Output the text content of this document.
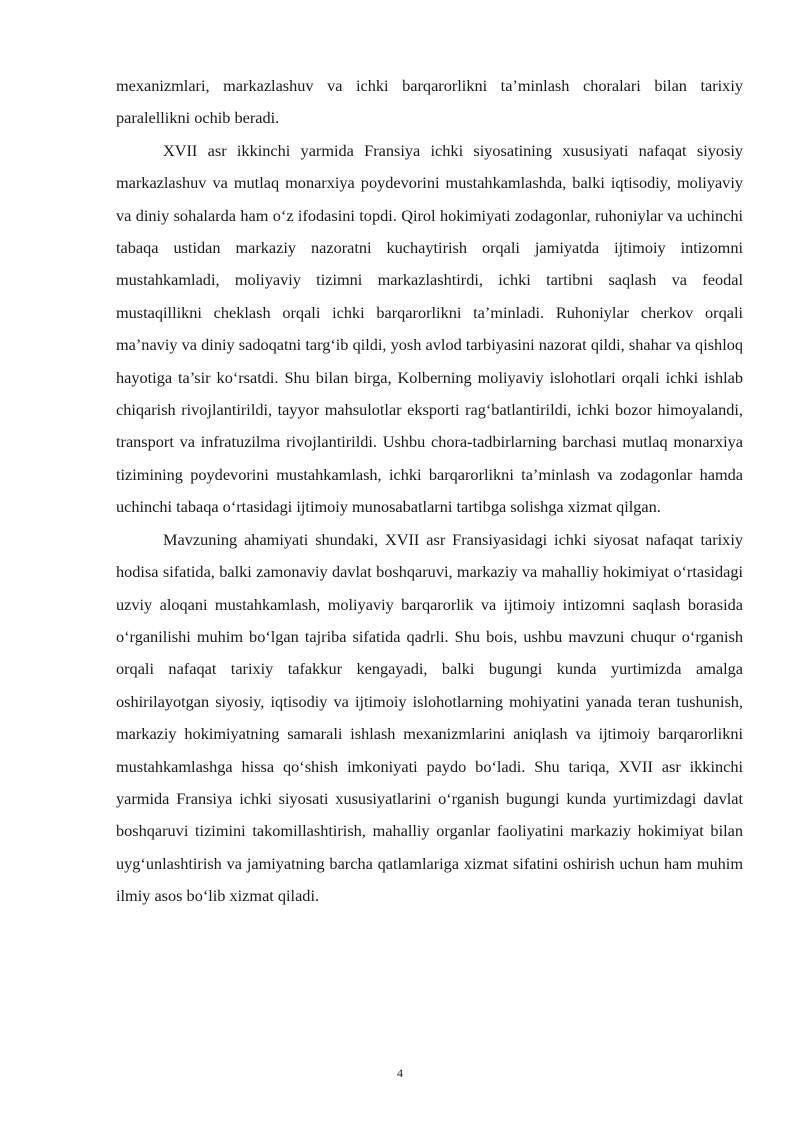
mexanizmlari, markazlashuv va ichki barqarorlikni ta’minlash choralari bilan tarixiy paralellikni ochib beradi.

XVII asr ikkinchi yarmida Fransiya ichki siyosatining xususiyati nafaqat siyosiy markazlashuv va mutlaq monarxiya poydevorini mustahkamlashda, balki iqtisodiy, moliyaviy va diniy sohalarda ham o‘z ifodasini topdi. Qirol hokimiyati zodagonlar, ruhoniylar va uchinchi tabaqa ustidan markaziy nazoratni kuchaytirish orqali jamiyatda ijtimoiy intizomni mustahkamladi, moliyaviy tizimni markazlashtirdi, ichki tartibni saqlash va feodal mustaqillikni cheklash orqali ichki barqarorlikni ta’minladi. Ruhoniylar cherkov orqali ma’naviy va diniy sadoqatni targ‘ib qildi, yosh avlod tarbiyasini nazorat qildi, shahar va qishloq hayotiga ta’sir ko‘rsatdi. Shu bilan birga, Kolberning moliyaviy islohotlari orqali ichki ishlab chiqarish rivojlantirildi, tayyor mahsulotlar eksporti rag‘batlantirildi, ichki bozor himoyalandi, transport va infratuzilma rivojlantirildi. Ushbu chora-tadbirlarning barchasi mutlaq monarxiya tizimining poydevorini mustahkamlash, ichki barqarorlikni ta’minlash va zodagonlar hamda uchinchi tabaqa o‘rtasidagi ijtimoiy munosabatlarni tartibga solishga xizmat qilgan.

Mavzuning ahamiyati shundaki, XVII asr Fransiyasidagi ichki siyosat nafaqat tarixiy hodisa sifatida, balki zamonaviy davlat boshqaruvi, markaziy va mahalliy hokimiyat o‘rtasidagi uzviy aloqani mustahkamlash, moliyaviy barqarorlik va ijtimoiy intizomni saqlash borasida o‘rganilishi muhim bo‘lgan tajriba sifatida qadrli. Shu bois, ushbu mavzuni chuqur o‘rganish orqali nafaqat tarixiy tafakkur kengayadi, balki bugungi kunda yurtimizda amalga oshirilayotgan siyosiy, iqtisodiy va ijtimoiy islohotlarning mohiyatini yanada teran tushunish, markaziy hokimiyatning samarali ishlash mexanizmlarini aniqlash va ijtimoiy barqarorlikni mustahkamlashga hissa qo‘shish imkoniyati paydo bo‘ladi. Shu tariqa, XVII asr ikkinchi yarmida Fransiya ichki siyosati xususiyatlarini o‘rganish bugungi kunda yurtimizdagi davlat boshqaruvi tizimini takomillashtirish, mahalliy organlar faoliyatini markaziy hokimiyat bilan uyg‘unlashtirish va jamiyatning barcha qatlamlariga xizmat sifatini oshirish uchun ham muhim ilmiy asos bo‘lib xizmat qiladi.

4
